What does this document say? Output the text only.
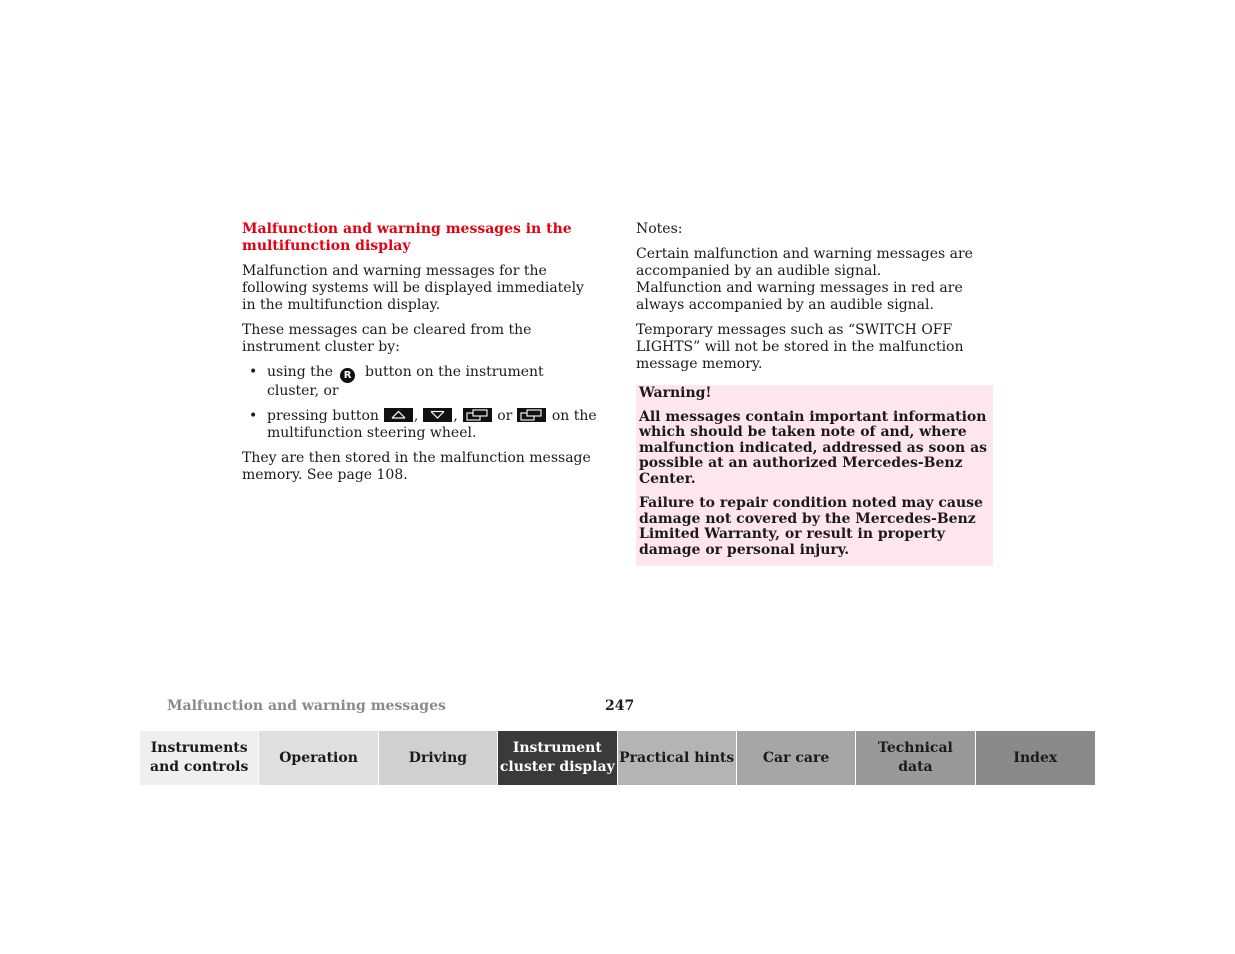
Malfunction and warning messages in the multifunction display

Malfunction and warning messages for the following systems will be displayed immediately in the multifunction display.

These messages can be cleared from the instrument cluster by:

• using the R button on the instrument cluster, or
• pressing button	,	,	or	on the multifunction steering wheel.

They are then stored in the malfunction message memory. See page 108.

Notes:

Certain malfunction and warning messages are accompanied by an audible signal.

Malfunction and warning messages in red are always accompanied by an audible signal.

Temporary messages such as “SWITCH OFF LIGHTS” will not be stored in the malfunction message memory.

Warning!

All messages contain important information which should be taken note of and, where malfunction indicated, addressed as soon as possible at an authorized Mercedes-Benz Center.

Failure to repair condition noted may cause damage not covered by the Mercedes-Benz Limited Warranty, or result in property damage or personal injury.

Malfunction and warning messages	247
Instruments
and controls
Operation	Driving
Instrument
cluster display
Practical hints	Car care
Technical
data
Index
